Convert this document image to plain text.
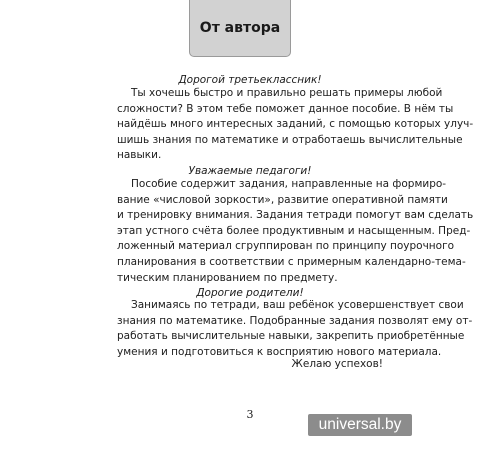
От автора
Дорогой третьеклассник!
Ты хочешь быстро и правильно решать примеры любой
сложности? В этом тебе поможет данное пособие. В нём ты
найдёшь много интересных заданий, с помощью которых улуч-
шишь знания по математике и отработаешь вычислительные
навыки.
Уважаемые педагоги!
Пособие содержит задания, направленные на формиро-
вание «числовой зоркости», развитие оперативной памяти
и тренировку внимания. Задания тетради помогут вам сделать
этап устного счёта более продуктивным и насыщенным. Пред-
ложенный материал сгруппирован по принципу поурочного
планирования в соответствии с примерным календарно-тема-
тическим планированием по предмету.
Дорогие родители!
Занимаясь по тетради, ваш ребёнок усовершенствует свои
знания по математике. Подобранные задания позволят ему от-
работать вычислительные навыки, закрепить приобретённые
умения и подготовиться к восприятию нового материала.
Желаю успехов!
3
universal.by
